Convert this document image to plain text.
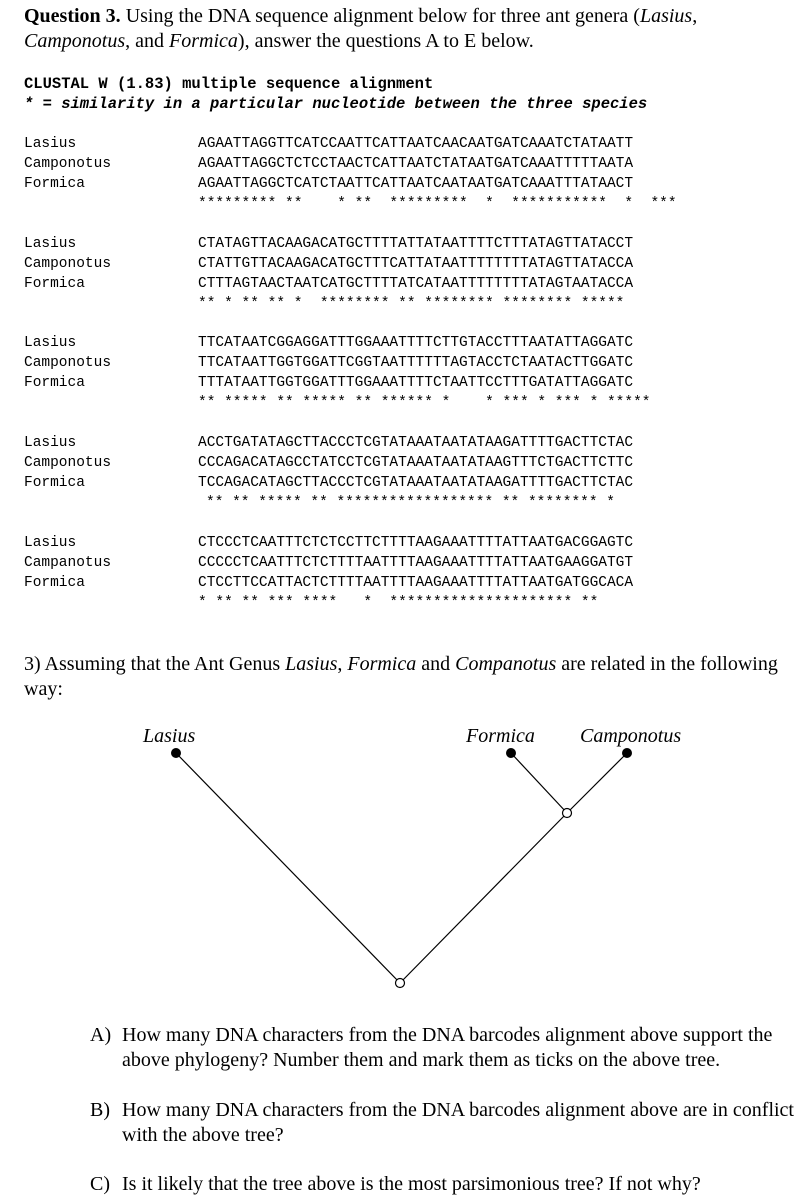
Question 3. Using the DNA sequence alignment below for three ant genera (Lasius, Camponotus, and Formica), answer the questions A to E below.
CLUSTAL W (1.83) multiple sequence alignment
* = similarity in a particular nucleotide between the three species
Lasius	AGAATTAGGTTCATCCAATTCATTAATCAACAATGATCAAATCTATAATT
Camponotus	AGAATTAGGCTCTCCTAACTCATTAATCTATAATGATCAAATTTTTAATA
Formica	AGAATTAGGCTCATCTAATTCATTAATCAATAATGATCAAATTTATAACT
********* **    * **  *********  *  ***********  *  ***
Lasius	CTATAGTTACAAGACATGCTTTTATTATAATTTTCTTTATAGTTATACCT
Camponotus	CTATTGTTACAAGACATGCTTTCATTATAATTTTTTTTATAGTTATACCA
Formica	CTTTAGTAACTAATCATGCTTTTATCATAATTTTTTTTATAGTAATACCA
** * ** ** *  ******** ** ******** ******** *****
Lasius	TTCATAATCGGAGGATTTGGAAATTTTCTTGTACCTTTAATATTAGGATC
Camponotus	TTCATAATTGGTGGATTCGGTAATTTTTTAGTACCTCTAATACTTGGATC
Formica	TTTATAATTGGTGGATTTGGAAATTTTCTAATTCCTTTGATATTAGGATC
** ***** ** ***** ** ****** *    * *** * *** * *****
Lasius	ACCTGATATAGCTTACCCTCGTATAAATAATATAAGATTTTGACTTCTAC
Camponotus	CCCAGACATAGCCTATCCTCGTATAAATAATATAAGTTTCTGACTTCTTC
Formica	TCCAGACATAGCTTACCCTCGTATAAATAATATAAGATTTTGACTTCTAC
** ** ***** ** ****************** ** ******** *
Lasius	CTCCCTCAATTTCTCTCCTTCTTTTAAGAAATTTTATTAATGACGGAGTC
Campanotus	CCCCCTCAATTTCTCTTTTAATTTTAAGAAATTTTATTAATGAAGGATGT
Formica	CTCCTTCCATTACTCTTTTAATTTTAAGAAATTTTATTAATGATGGCACA
* ** ** *** ****   *  ********************* **
3) Assuming that the Ant Genus Lasius, Formica and Companotus are related in the following way:
Lasius	Formica Camponotus
A) How many DNA characters from the DNA barcodes alignment above support the above phylogeny? Number them and mark them as ticks on the above tree.
B) How many DNA characters from the DNA barcodes alignment above are in conflict with the above tree?
C) Is it likely that the tree above is the most parsimonious tree? If not why?
